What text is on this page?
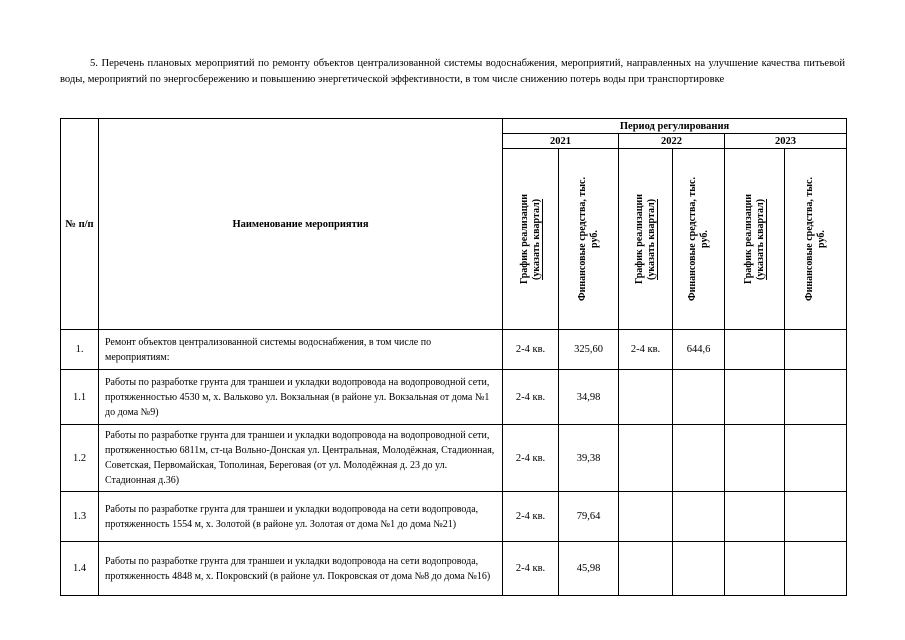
5. Перечень плановых мероприятий по ремонту объектов централизованной системы водоснабжения, мероприятий, направленных на улучшение качества питьевой воды, мероприятий по энергосбережению и повышению энергетической эффективности, в том числе снижению потерь воды при транспортировке

№ п/п	Наименование мероприятия	Период регулирования					
		2021		2022		2023	

		График реализации (указать квартал)	Финансовые средства, тыс. руб.	График реализации (указать квартал)	Финансовые средства, тыс. руб.	График реализации (указать квартал)	Финансовые средства, тыс. руб.

1.	Ремонт объектов централизованной системы водоснабжения, в том числе по мероприятиям:	2-4 кв.	325,60	2-4 кв.	644,6		
1.1	Работы по разработке грунта для траншеи и укладки водопровода на водопроводной сети, протяженностью 4530 м, х. Вальково ул. Вокзальная (в районе ул. Вокзальная от дома №1 до дома №9)	2-4 кв.	34,98				
1.2	Работы по разработке грунта для траншеи и укладки водопровода на водопроводной сети, протяженностью 6811м, ст-ца Вольно-Донская ул. Центральная, Молодёжная, Стадионная, Советская, Первомайская, Тополиная, Береговая (от ул. Молодёжная д. 23 до ул. Стадионная д.36)	2-4 кв.	39,38				
1.3	Работы по разработке грунта для траншеи и укладки водопровода на сети водопровода, протяженность 1554 м, х. Золотой (в районе ул. Золотая от дома №1 до дома №21)	2-4 кв.	79,64				
1.4	Работы по разработке грунта для траншеи и укладки водопровода на сети водопровода, протяженность 4848 м, х. Покровский (в районе ул. Покровская от дома №8 до дома №16)	2-4 кв.	45,98				
